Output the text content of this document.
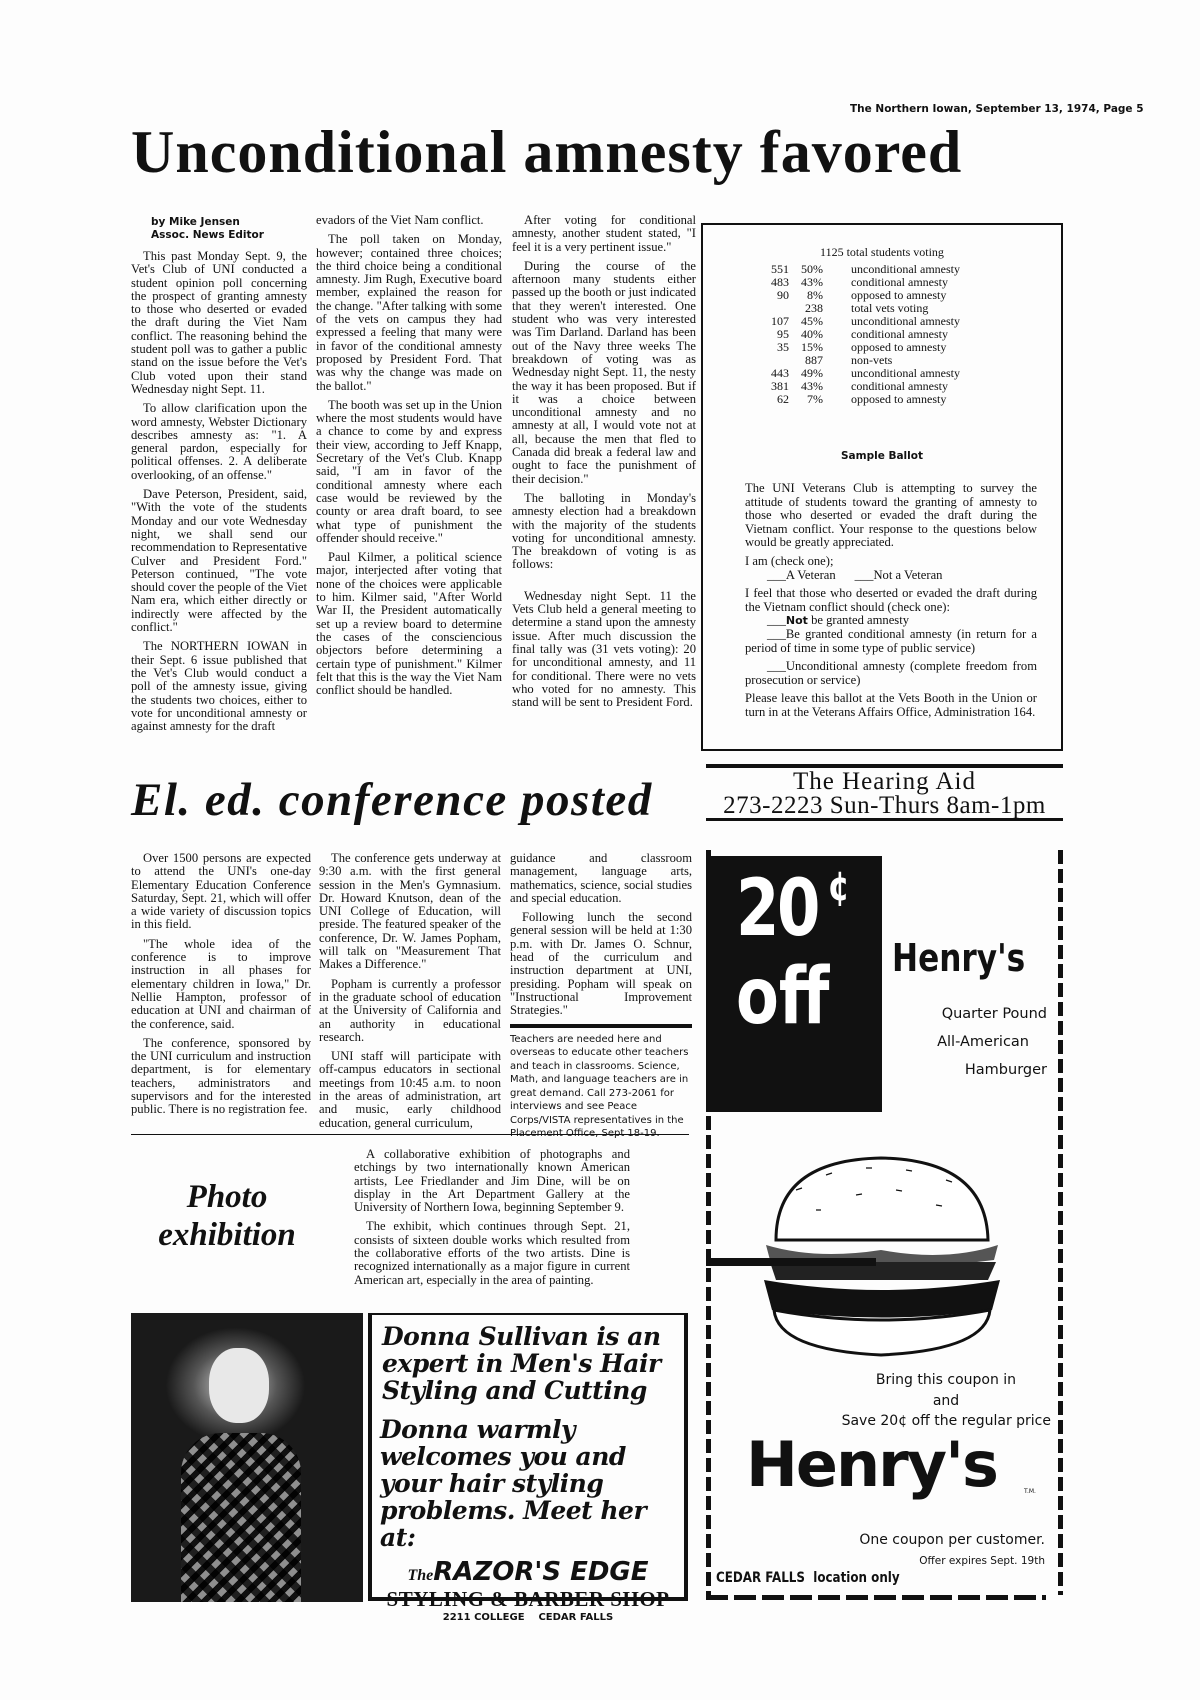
The Northern Iowan, September 13, 1974, Page 5
Unconditional amnesty favored
by Mike Jensen
Assoc. News Editor

This past Monday Sept. 9, the Vet's Club of UNI conducted a student opinion poll concerning the prospect of granting amnesty to those who deserted or evaded the draft during the Viet Nam conflict. The reasoning behind the student poll was to gather a public stand on the issue before the Vet's Club voted upon their stand Wednesday night Sept. 11.

To allow clarification upon the word amnesty, Webster Dictionary describes amnesty as: "1. A general pardon, especially for political offenses. 2. A deliberate overlooking, of an offense."

Dave Peterson, President, said, "With the vote of the students Monday and our vote Wednesday night, we shall send our recommendation to Representative Culver and President Ford." Peterson continued, "The vote should cover the people of the Viet Nam era, which either directly or indirectly were affected by the conflict."

The NORTHERN IOWAN in their Sept. 6 issue published that the Vet's Club would conduct a poll of the amnesty issue, giving the students two choices, either to vote for unconditional amnesty or against amnesty for the draft

evadors of the Viet Nam conflict.

The poll taken on Monday, however; contained three choices; the third choice being a conditional amnesty. Jim Rugh, Executive board member, explained the reason for the change. "After talking with some of the vets on campus they had expressed a feeling that many were in favor of the conditional amnesty proposed by President Ford. That was why the change was made on the ballot."

The booth was set up in the Union where the most students would have a chance to come by and express their view, according to Jeff Knapp, Secretary of the Vet's Club. Knapp said, "I am in favor of the conditional amnesty where each case would be reviewed by the county or area draft board, to see what type of punishment the offender should receive."

Paul Kilmer, a political science major, interjected after voting that none of the choices were applicable to him. Kilmer said, "After World War II, the President automatically set up a review board to determine the cases of the consciencious objectors before determining a certain type of punishment." Kilmer felt that this is the way the Viet Nam conflict should be handled.

After voting for conditional amnesty, another student stated, "I feel it is a very pertinent issue."

During the course of the afternoon many students either passed up the booth or just indicated that they weren't interested. One student who was very interested was Tim Darland. Darland has been out of the Navy three weeks The breakdown of voting was as Wednesday night Sept. 11, the nesty the way it has been proposed. But if it was a choice between unconditional amnesty and no amnesty at all, I would vote not at all, because the men that fled to Canada did break a federal law and ought to face the punishment of their decision."

The balloting in Monday's amnesty election had a breakdown with the majority of the students voting for unconditional amnesty. The breakdown of voting is as follows:

Wednesday night Sept. 11 the Vets Club held a general meeting to determine a stand upon the amnesty issue. After much discussion the final tally was (31 vets voting): 20 for unconditional amnesty, and 11 for conditional. There were no vets who voted for no amnesty. This stand will be sent to President Ford.

1125 total students voting
551	50%	unconditional amnesty
483	43%	conditional amnesty
90	8%	opposed to amnesty
	238	total vets voting
107	45%	unconditional amnesty
95	40%	conditional amnesty
35	15%	opposed to amnesty
	887	non-vets
443	49%	unconditional amnesty
381	43%	conditional amnesty
62	7%	opposed to amnesty
Sample Ballot

The UNI Veterans Club is attempting to survey the attitude of students toward the granting of amnesty to those who deserted or evaded the draft during the Vietnam conflict. Your response to the questions below would be greatly appreciated.

I am (check one);

___A Veteran      ___Not a Veteran

I feel that those who deserted or evaded the draft during the Vietnam conflict should (check one):

___Not be granted amnesty

___Be granted conditional amnesty (in return for a period of time in some type of public service)

___Unconditional amnesty (complete freedom from prosecution or service)

Please leave this ballot at the Vets Booth in the Union or turn in at the Veterans Affairs Office, Administration 164.

The Hearing Aid
273-2223 Sun-Thurs 8am-1pm
El. ed. conference posted

Over 1500 persons are expected to attend the UNI's one-day Elementary Education Conference Saturday, Sept. 21, which will offer a wide variety of discussion topics in this field.

"The whole idea of the conference is to improve instruction in all phases for elementary children in Iowa," Dr. Nellie Hampton, professor of education at UNI and chairman of the conference, said.

The conference, sponsored by the UNI curriculum and instruction department, is for elementary teachers, administrators and supervisors and for the interested public. There is no registration fee.

The conference gets underway at 9:30 a.m. with the first general session in the Men's Gymnasium. Dr. Howard Knutson, dean of the UNI College of Education, will preside. The featured speaker of the conference, Dr. W. James Popham, will talk on "Measurement That Makes a Difference."

Popham is currently a professor in the graduate school of education at the University of California and an authority in educational research.

UNI staff will participate with off-campus educators in sectional meetings from 10:45 a.m. to noon in the areas of administration, art and music, early childhood education, general curriculum,

guidance and classroom management, language arts, mathematics, science, social studies and special education.

Following lunch the second general session will be held at 1:30 p.m. with Dr. James O. Schnur, head of the curriculum and instruction department at UNI, presiding. Popham will speak on "Instructional Improvement Strategies."

Teachers are needed here and overseas to educate other teachers and teach in classrooms. Science, Math, and language teachers are in great demand. Call 273-2061 for interviews and see Peace Corps/VISTA representatives in the Placement Office, Sept 18-19.
Photo
exhibition

A collaborative exhibition of photographs and etchings by two internationally known American artists, Lee Friedlander and Jim Dine, will be on display in the Art Department Gallery at the University of Northern Iowa, beginning September 9.

The exhibit, which continues through Sept. 21, consists of sixteen double works which resulted from the collaborative efforts of the two artists. Dine is recognized internationally as a major figure in current American art, especially in the area of painting.

Donna Sullivan is an expert in Men's Hair Styling and Cutting
Donna warmly welcomes you and your hair styling problems. Meet her at:
TheRAZOR'S EDGE
STYLING & BARBER SHOP
2211 COLLEGE    CEDAR FALLS
20 ¢
off Henry's
Quarter Pound
All-American
Hamburger
Bring this coupon in
and
Save 20¢ off the regular price
Henry's	T.M.
One coupon per customer.
Offer expires Sept. 19th
CEDAR FALLS  location only
